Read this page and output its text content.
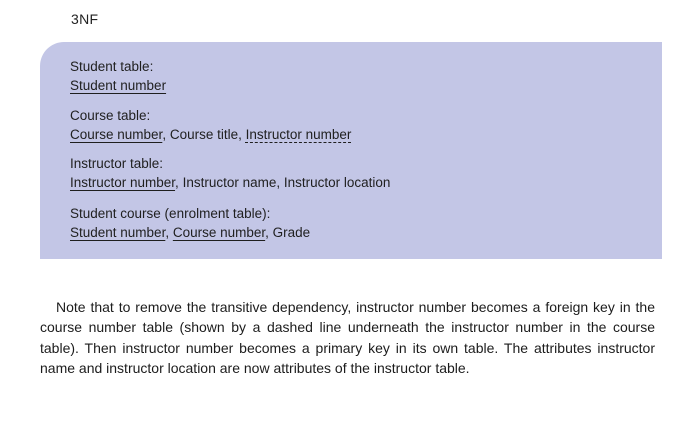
3NF
Student table:
Student number
Course table:
Course number, Course title, Instructor number
Instructor table:
Instructor number, Instructor name, Instructor location
Student course (enrolment table):
Student number, Course number, Grade

Note that to remove the transitive dependency, instructor number becomes a foreign key in the course number table (shown by a dashed line underneath the instructor number in the course table). Then instructor number becomes a primary key in its own table. The attributes instructor name and instructor location are now attributes of the instructor table.
